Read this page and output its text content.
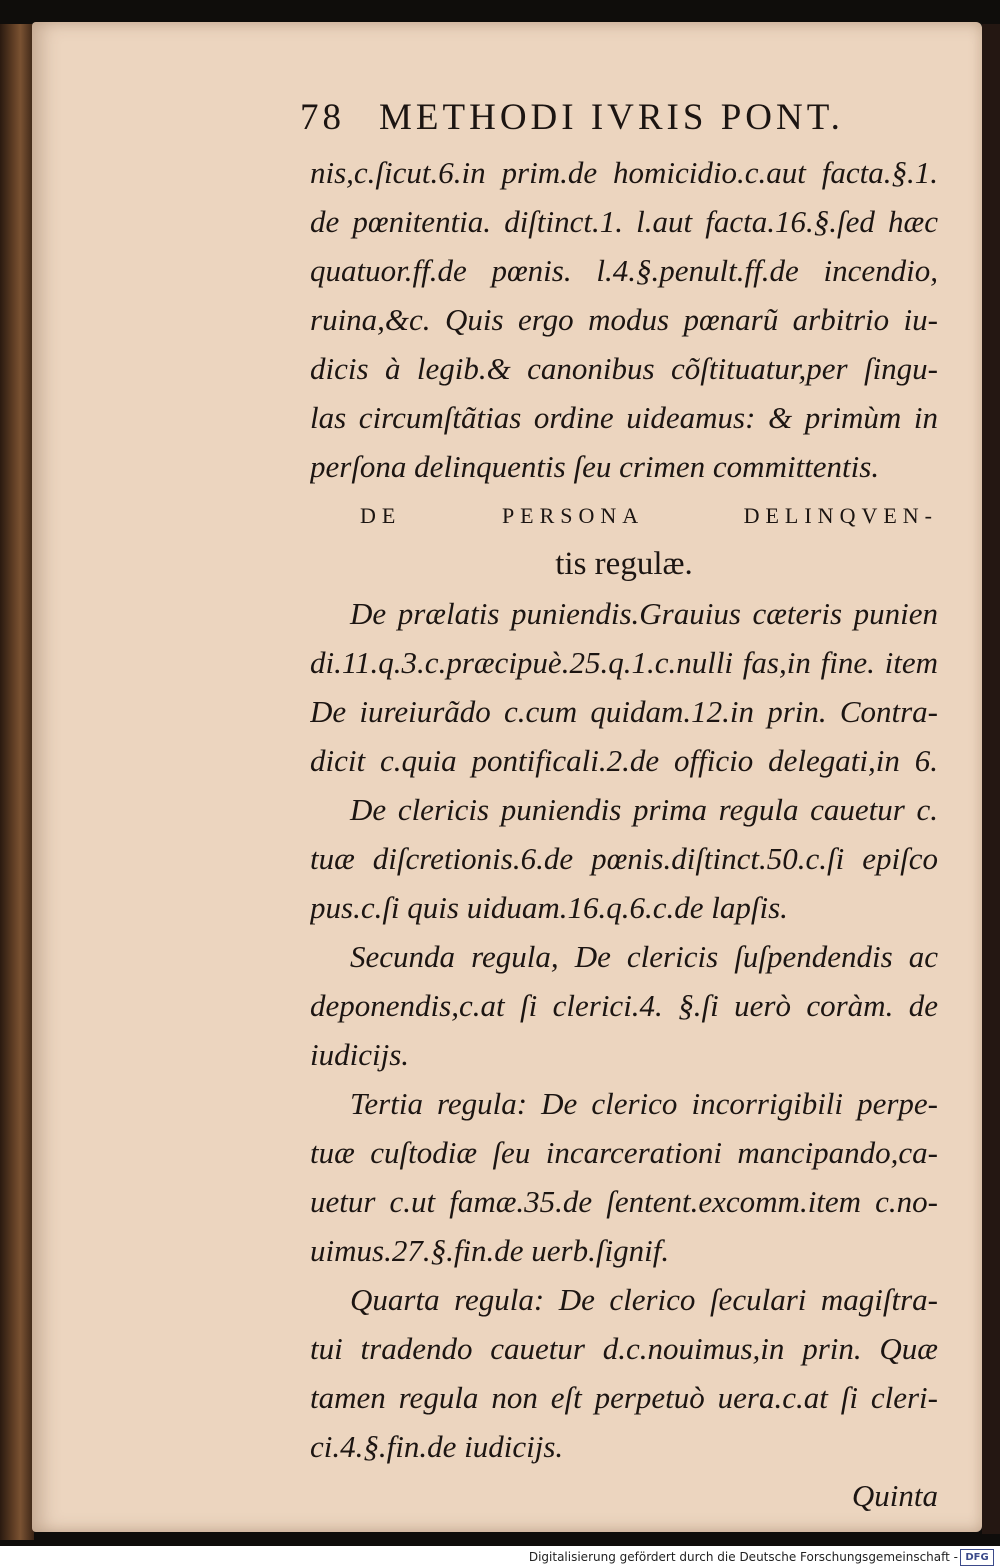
78 METHODI IVRIS PONT.
nis,c.ſicut.6.in prim.de homicidio.c.aut facta.§.1.
de pœnitentia. diſtinct.1. l.aut facta.16.§.ſed hæc
quatuor.ff.de pœnis. l.4.§.penult.ff.de incendio,
ruina,&c. Quis ergo modus pœnarũ arbitrio iu-
dicis à legib.& canonibus cõſtituatur,per ſingu-
las circumſtãtias ordine uideamus: & primùm in
perſona delinquentis ſeu crimen committentis.
DE PERSONA DELINQVEN-
tis regulæ.
De prælatis puniendis.Grauius cæteris punien
di.11.q.3.c.præcipuè.25.q.1.c.nulli fas,in fine. item
De iureiurãdo c.cum quidam.12.in prin. Contra-
dicit c.quia pontificali.2.de officio delegati,in 6.
De clericis puniendis prima regula cauetur c.
tuæ diſcretionis.6.de pœnis.diſtinct.50.c.ſi epiſco
pus.c.ſi quis uiduam.16.q.6.c.de lapſis.
Secunda regula, De clericis ſuſpendendis ac
deponendis,c.at ſi clerici.4. §.ſi uerò coràm. de
iudicijs.
Tertia regula: De clerico incorrigibili perpe-
tuæ cuſtodiæ ſeu incarcerationi mancipando,ca-
uetur c.ut famæ.35.de ſentent.excomm.item c.no-
uimus.27.§.fin.de uerb.ſignif.
Quarta regula: De clerico ſeculari magiſtra-
tui tradendo cauetur d.c.nouimus,in prin. Quæ
tamen regula non eſt perpetuò uera.c.at ſi cleri-
ci.4.§.fin.de iudicijs.
Quinta
Digitalisierung gefördert durch die Deutsche Forschungsgemeinschaft - DFG
